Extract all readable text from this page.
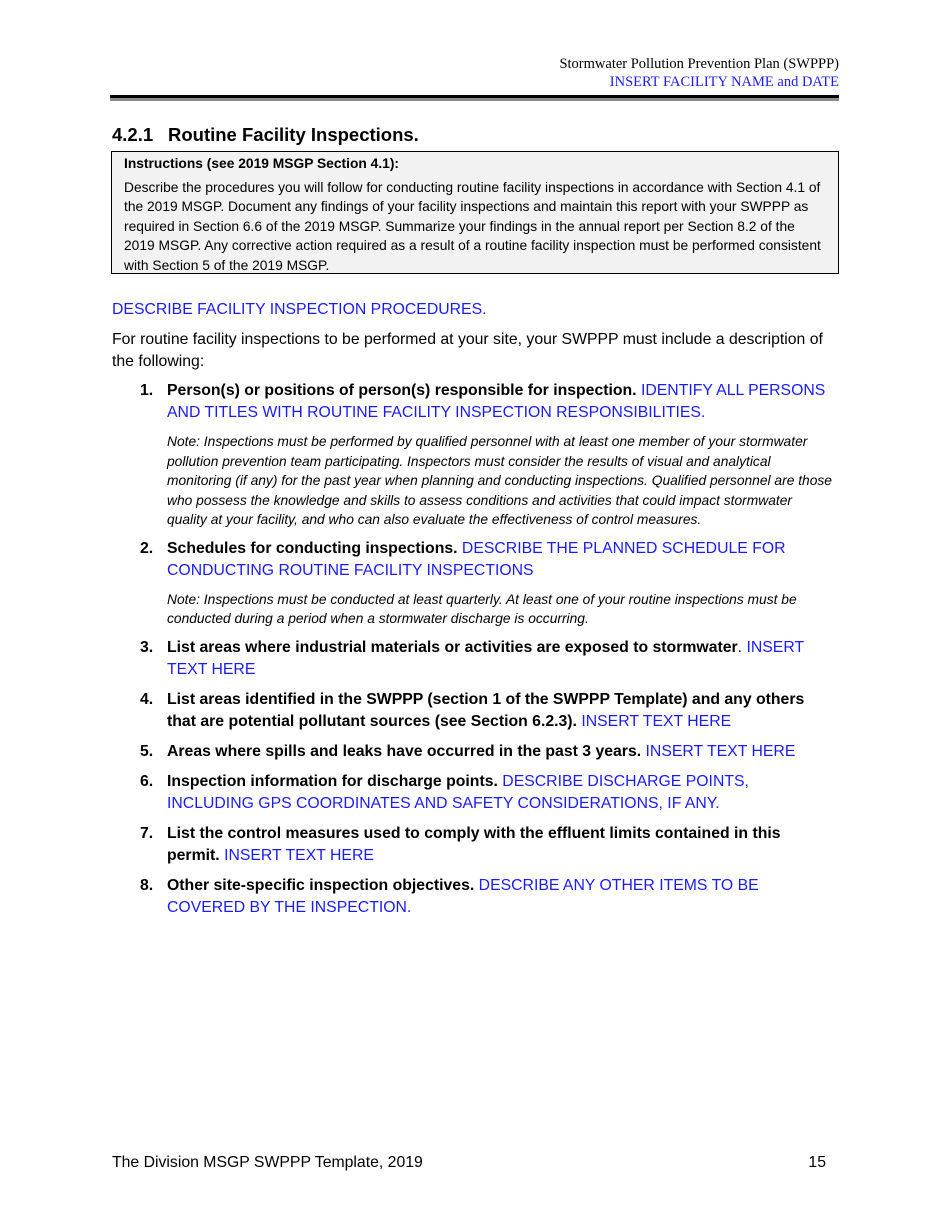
Stormwater Pollution Prevention Plan (SWPPP)
INSERT FACILITY NAME and DATE
4.2.1 Routine Facility Inspections.
Instructions (see 2019 MSGP Section 4.1):
Describe the procedures you will follow for conducting routine facility inspections in accordance with Section 4.1 of the 2019 MSGP. Document any findings of your facility inspections and maintain this report with your SWPPP as required in Section 6.6 of the 2019 MSGP. Summarize your findings in the annual report per Section 8.2 of the 2019 MSGP. Any corrective action required as a result of a routine facility inspection must be performed consistent with Section 5 of the 2019 MSGP.
DESCRIBE FACILITY INSPECTION PROCEDURES.
For routine facility inspections to be performed at your site, your SWPPP must include a description of the following:
1. Person(s) or positions of person(s) responsible for inspection. IDENTIFY ALL PERSONS AND TITLES WITH ROUTINE FACILITY INSPECTION RESPONSIBILITIES.
Note: Inspections must be performed by qualified personnel with at least one member of your stormwater pollution prevention team participating. Inspectors must consider the results of visual and analytical monitoring (if any) for the past year when planning and conducting inspections. Qualified personnel are those who possess the knowledge and skills to assess conditions and activities that could impact stormwater quality at your facility, and who can also evaluate the effectiveness of control measures.
2. Schedules for conducting inspections. DESCRIBE THE PLANNED SCHEDULE FOR CONDUCTING ROUTINE FACILITY INSPECTIONS
Note: Inspections must be conducted at least quarterly. At least one of your routine inspections must be conducted during a period when a stormwater discharge is occurring.
3. List areas where industrial materials or activities are exposed to stormwater. INSERT TEXT HERE
4. List areas identified in the SWPPP (section 1 of the SWPPP Template) and any others that are potential pollutant sources (see Section 6.2.3). INSERT TEXT HERE
5. Areas where spills and leaks have occurred in the past 3 years. INSERT TEXT HERE
6. Inspection information for discharge points. DESCRIBE DISCHARGE POINTS, INCLUDING GPS COORDINATES AND SAFETY CONSIDERATIONS, IF ANY.
7. List the control measures used to comply with the effluent limits contained in this permit. INSERT TEXT HERE
8. Other site-specific inspection objectives. DESCRIBE ANY OTHER ITEMS TO BE COVERED BY THE INSPECTION.
The Division MSGP SWPPP Template, 2019	15
